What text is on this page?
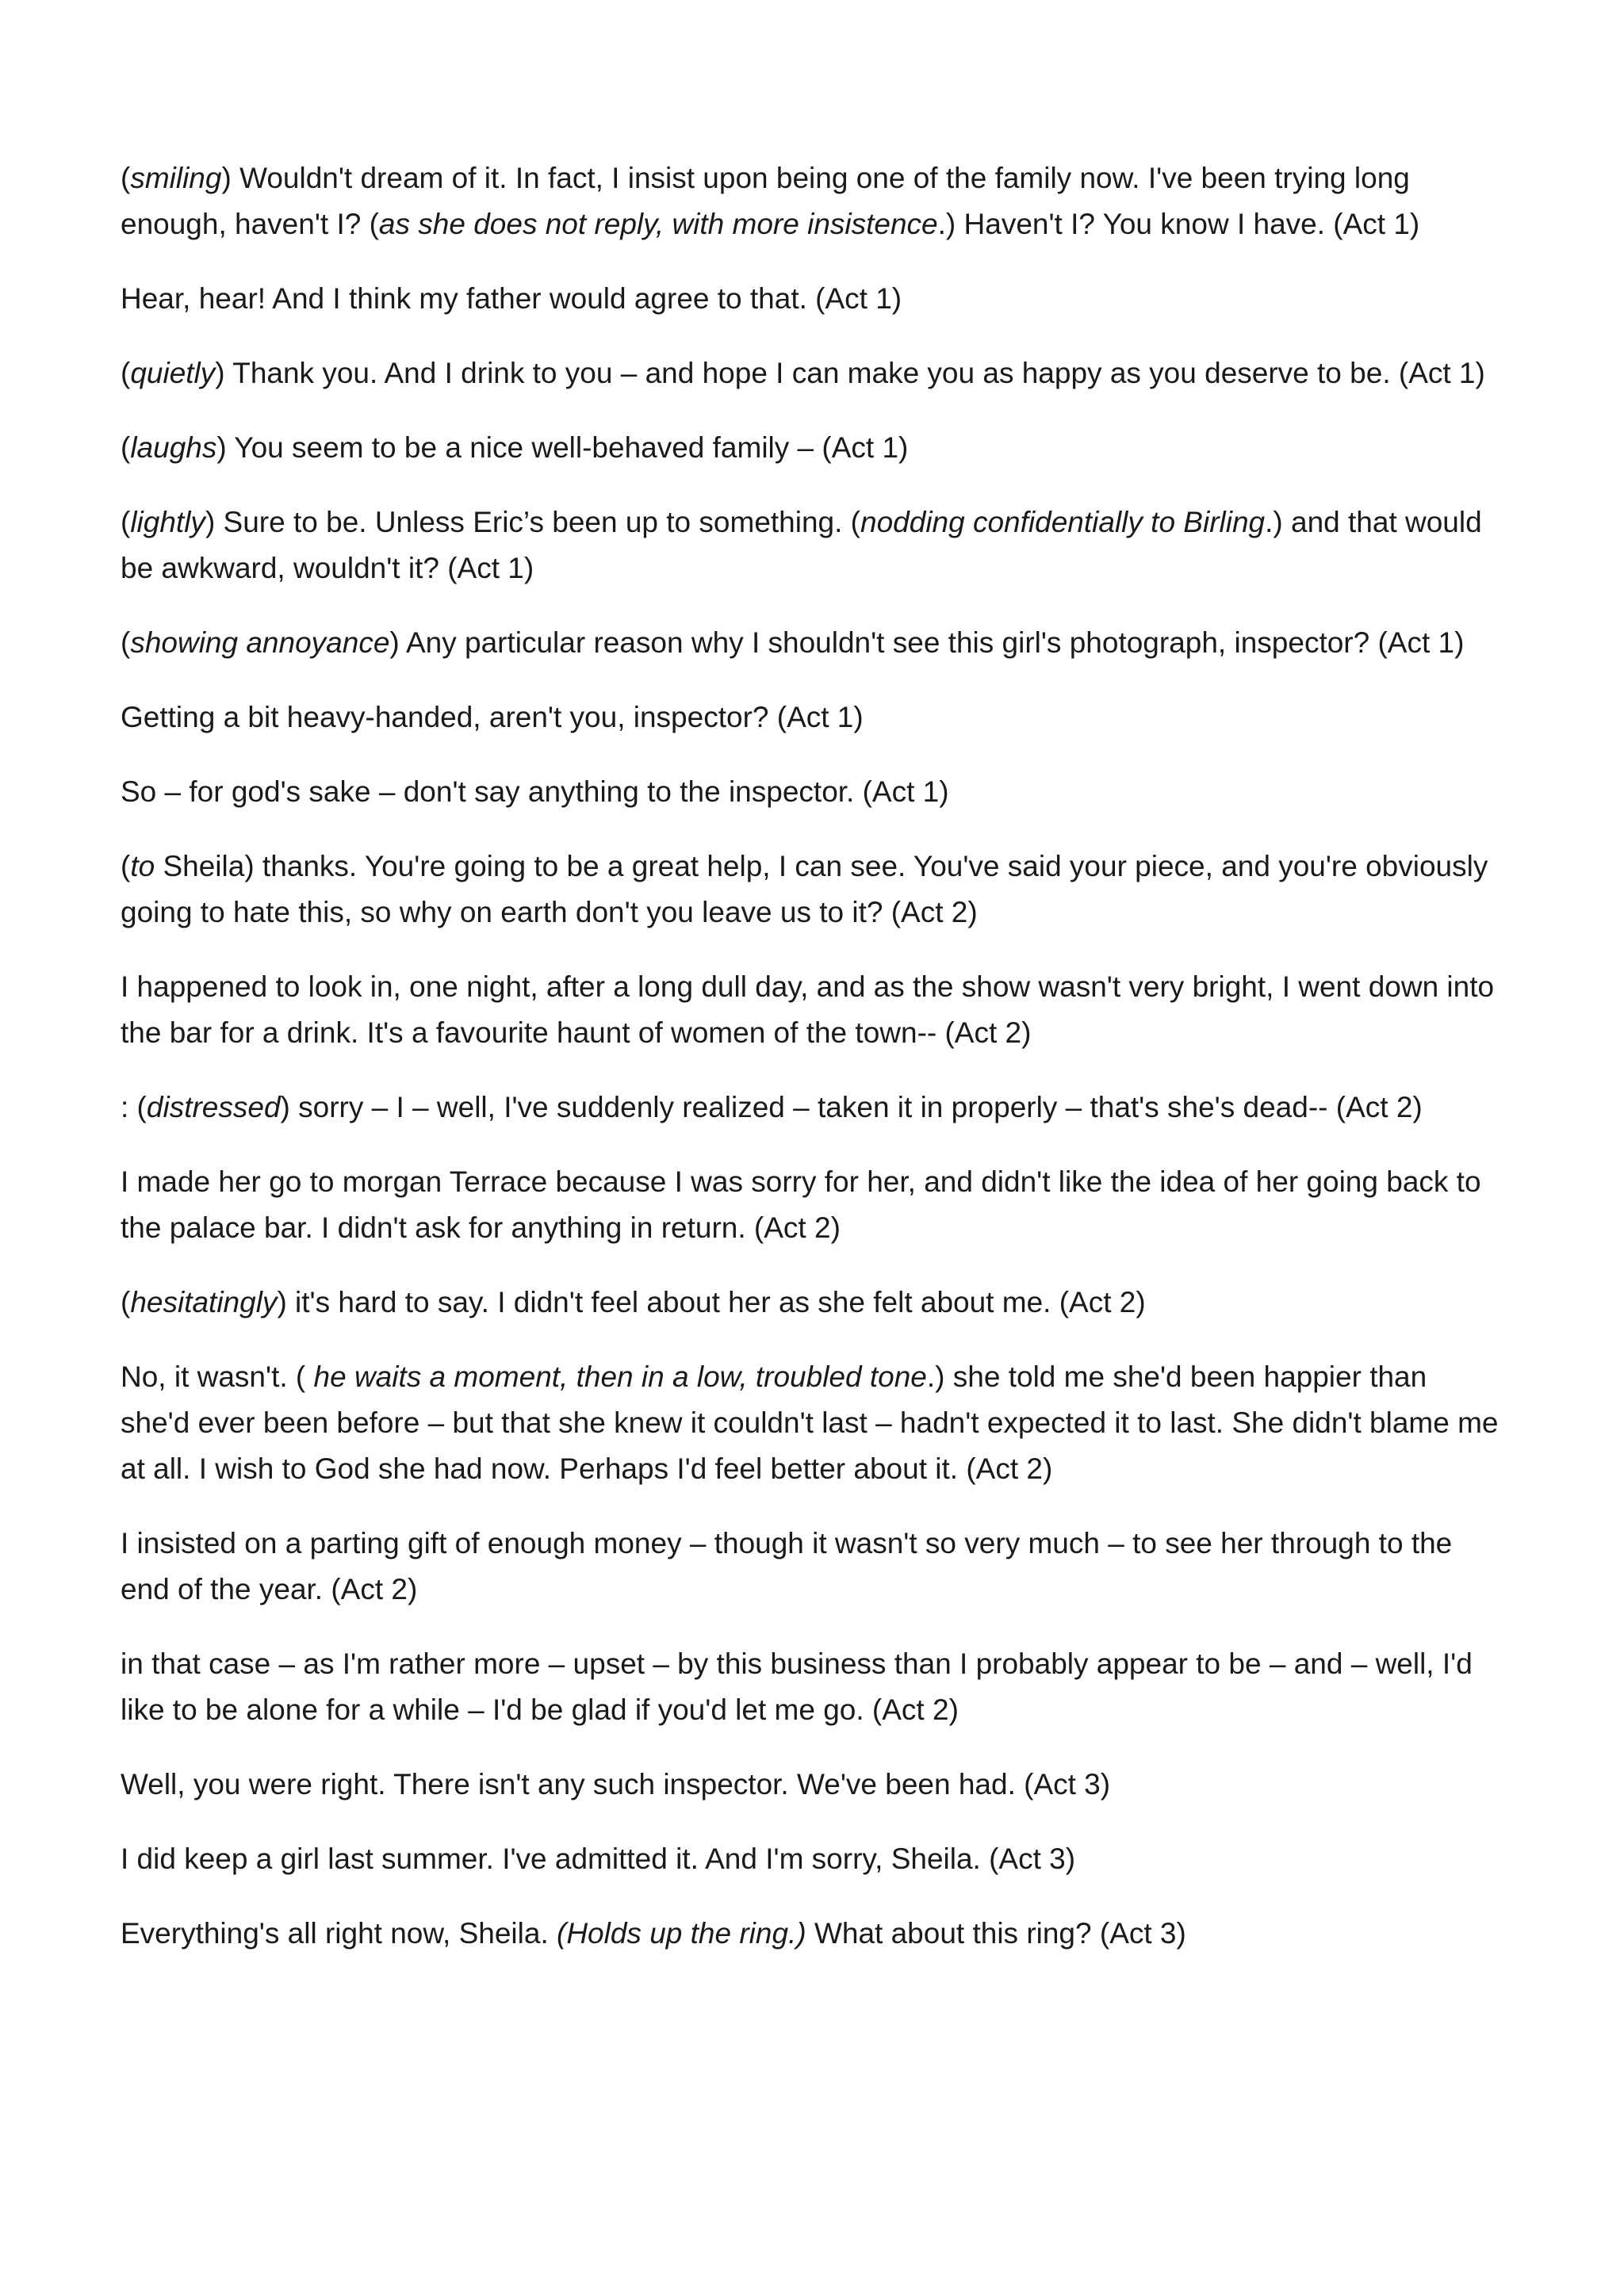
(smiling) Wouldn't dream of it. In fact, I insist upon being one of the family now. I've been trying long enough, haven't I? (as she does not reply, with more insistence.) Haven't I? You know I have. (Act 1)

Hear, hear! And I think my father would agree to that. (Act 1)

(quietly) Thank you. And I drink to you – and hope I can make you as happy as you deserve to be. (Act 1)

(laughs) You seem to be a nice well-behaved family – (Act 1)

(lightly) Sure to be. Unless Eric’s been up to something. (nodding confidentially to Birling.) and that would be awkward, wouldn't it? (Act 1)

(showing annoyance) Any particular reason why I shouldn't see this girl's photograph, inspector? (Act 1)

Getting a bit heavy-handed, aren't you, inspector? (Act 1)

So – for god's sake – don't say anything to the inspector. (Act 1)

(to Sheila) thanks. You're going to be a great help, I can see. You've said your piece, and you're obviously going to hate this, so why on earth don't you leave us to it? (Act 2)

I happened to look in, one night, after a long dull day, and as the show wasn't very bright, I went down into the bar for a drink. It's a favourite haunt of women of the town-- (Act 2)

: (distressed) sorry – I – well, I've suddenly realized – taken it in properly – that's she's dead-- (Act 2)

I made her go to morgan Terrace because I was sorry for her, and didn't like the idea of her going back to the palace bar. I didn't ask for anything in return. (Act 2)

(hesitatingly) it's hard to say. I didn't feel about her as she felt about me. (Act 2)

No, it wasn't. ( he waits a moment, then in a low, troubled tone.) she told me she'd been happier than she'd ever been before – but that she knew it couldn't last – hadn't expected it to last. She didn't blame me at all. I wish to God she had now. Perhaps I'd feel better about it. (Act 2)

I insisted on a parting gift of enough money – though it wasn't so very much – to see her through to the end of the year. (Act 2)

in that case – as I'm rather more – upset – by this business than I probably appear to be – and – well, I'd like to be alone for a while – I'd be glad if you'd let me go. (Act 2)

Well, you were right. There isn't any such inspector. We've been had. (Act 3)

I did keep a girl last summer. I've admitted it. And I'm sorry, Sheila. (Act 3)

Everything's all right now, Sheila. (Holds up the ring.) What about this ring? (Act 3)
